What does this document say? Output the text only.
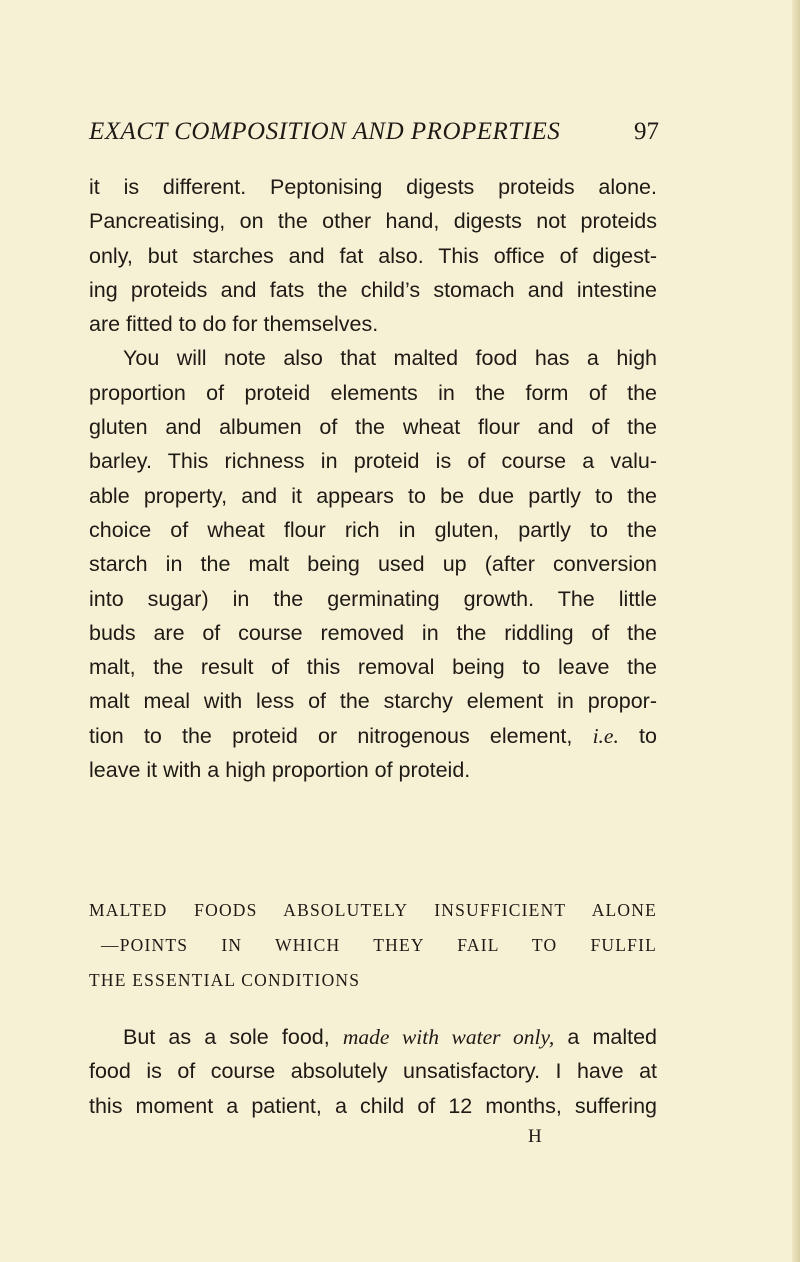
EXACT COMPOSITION AND PROPERTIES	97
it is different. Peptonising digests proteids alone.
Pancreatising, on the other hand, digests not proteids
only, but starches and fat also. This office of digest-
ing proteids and fats the child’s stomach and intestine
are fitted to do for themselves.
You will note also that malted food has a high
proportion of proteid elements in the form of the
gluten and albumen of the wheat flour and of the
barley. This richness in proteid is of course a valu-
able property, and it appears to be due partly to the
choice of wheat flour rich in gluten, partly to the
starch in the malt being used up (after conversion
into sugar) in the germinating growth. The little
buds are of course removed in the riddling of the
malt, the result of this removal being to leave the
malt meal with less of the starchy element in propor-
tion to the proteid or nitrogenous element, i.e. to
leave it with a high proportion of proteid.
MALTED FOODS ABSOLUTELY INSUFFICIENT ALONE
—POINTS IN WHICH THEY FAIL TO FULFIL
THE ESSENTIAL CONDITIONS
But as a sole food, made with water only, a malted
food is of course absolutely unsatisfactory. I have at
this moment a patient, a child of 12 months, suffering
H
